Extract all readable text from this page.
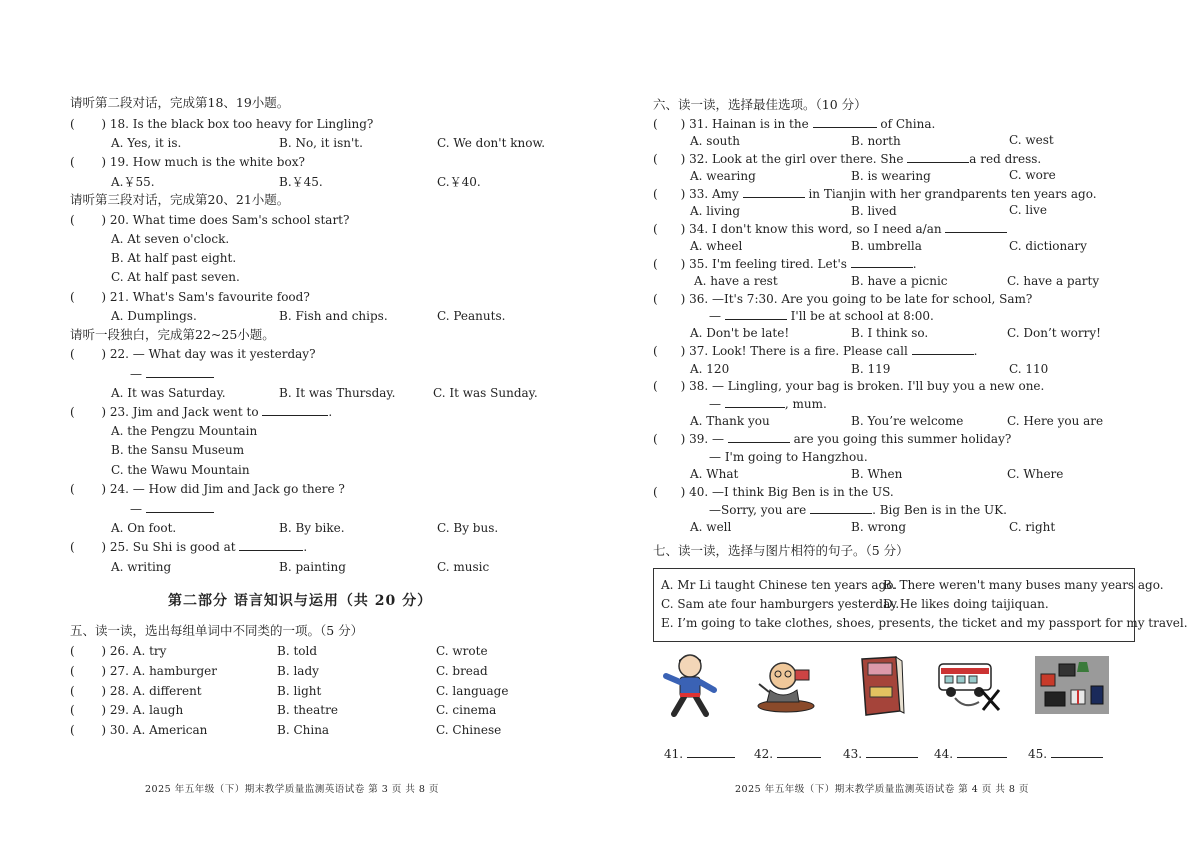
请听第二段对话，完成第18、19小题。
(       ) 18. Is the black box too heavy for Lingling?
A. Yes, it is.	B. No, it isn't.	C. We don't know.
(       ) 19. How much is the white box?
A.￥55.	B.￥45.	C.￥40.
请听第三段对话，完成第20、21小题。
(       ) 20. What time does Sam's school start?
A. At seven o'clock.
B. At half past eight.
C. At half past seven.
(       ) 21. What's Sam's favourite food?
A. Dumplings.	B. Fish and chips.	C. Peanuts.
请听一段独白，完成第22~25小题。
(       ) 22. — What day was it yesterday?
—
A. It was Saturday.	B. It was Thursday.	C. It was Sunday.
(       ) 23. Jim and Jack went to	.
A. the Pengzu Mountain
B. the Sansu Museum
C. the Wawu Mountain
(       ) 24. — How did Jim and Jack go there ?
—
A. On foot.	B. By bike.	C. By bus.
(       ) 25. Su Shi is good at	.
A. writing	B. painting	C. music
第二部分 语言知识与运用（共 20 分）
五、读一读，选出每组单词中不同类的一项。（5 分）
(       ) 26. A. try	B. told	C. wrote
(       ) 27. A. hamburger	B. lady	C. bread
(       ) 28. A. different	B. light	C. language
(       ) 29. A. laugh	B. theatre	C. cinema
(       ) 30. A. American	B. China	C. Chinese
2025 年五年级（下）期末教学质量监测英语试卷 第 3 页 共 8 页
六、读一读，选择最佳选项。（10 分）
(      ) 31. Hainan is in the	of China.
A. south	B. north	C. west
(      ) 32. Look at the girl over there. She	a red dress.
A. wearing	B. is wearing	C. wore
(      ) 33. Amy	in Tianjin with her grandparents ten years ago.
A. living	B. lived	C. live
(      ) 34. I don't know this word, so I need a/an
A. wheel	B. umbrella	C. dictionary
(      ) 35. I'm feeling tired. Let's	.
A. have a rest	B. have a picnic	C. have a party
(      ) 36. —It's 7:30. Are you going to be late for school, Sam?
—	I'll be at school at 8:00.
A. Don't be late!	B. I think so.	C. Don’t worry!
(      ) 37. Look! There is a fire. Please call	.
A. 120	B. 119	C. 110
(      ) 38. — Lingling, your bag is broken. I'll buy you a new one.
—	, mum.
A. Thank you	B. You’re welcome	C. Here you are
(      ) 39. —	are you going this summer holiday?
— I'm going to Hangzhou.
A. What	B. When	C. Where
(      ) 40. —I think Big Ben is in the US.
—Sorry, you are	. Big Ben is in the UK.
A. well	B. wrong	C. right
七、读一读，选择与图片相符的句子。（5 分）
A. Mr Li taught Chinese ten years ago.
B. There weren't many buses many years ago.
C. Sam ate four hamburgers yesterday.
D. He likes doing taijiquan.
E. I’m going to take clothes, shoes, presents, the ticket and my passport for my travel.
41.	42.	43.	44.	45.
2025 年五年级（下）期末教学质量监测英语试卷 第 4 页 共 8 页
